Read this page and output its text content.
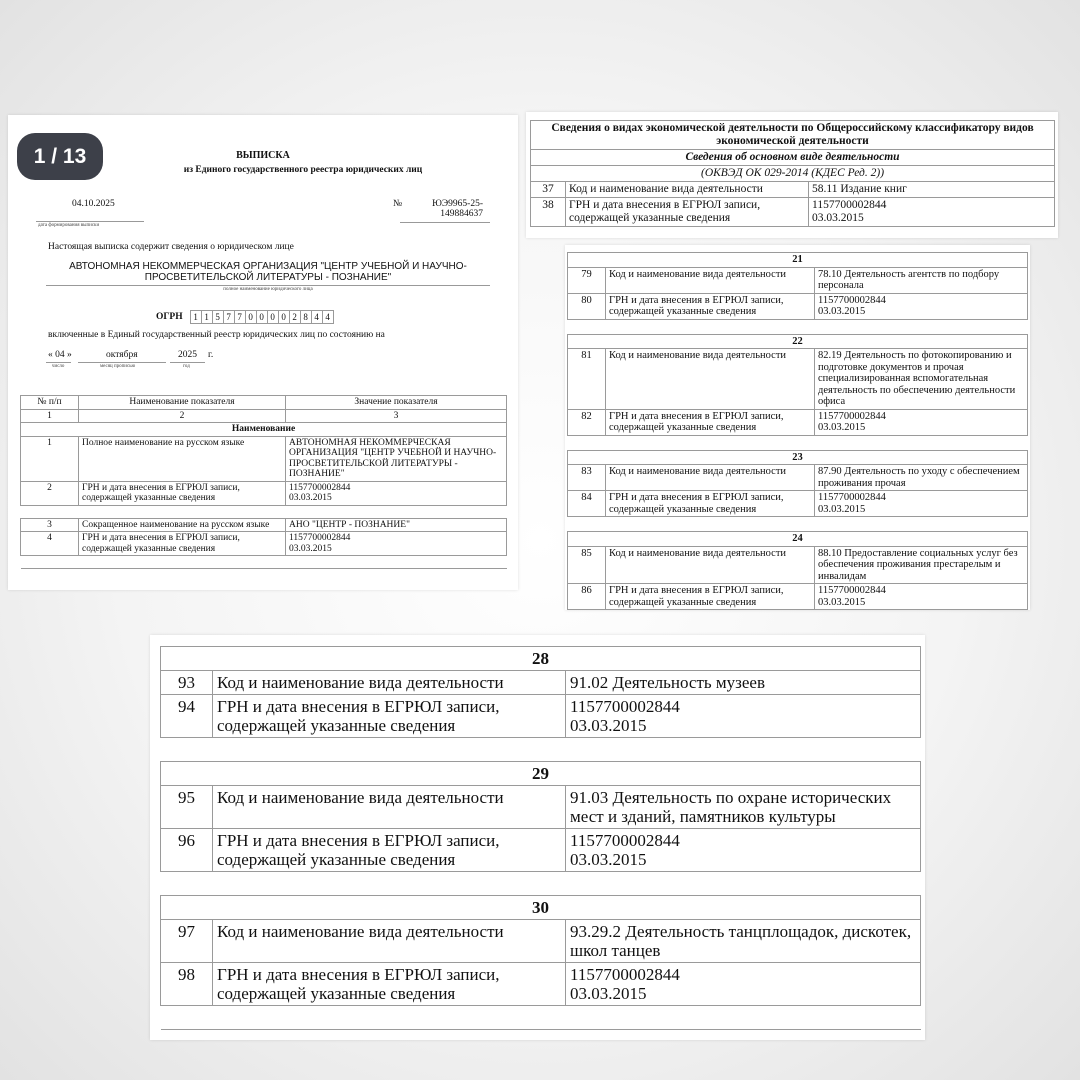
1 / 13	ВЫПИСКА
из Единого государственного реестра юридических лиц
04.10.2025
дата формирования выписки
№	ЮЭ9965-25-149884637
Настоящая выписка содержит сведения о юридическом лице
АВТОНОМНАЯ НЕКОММЕРЧЕСКАЯ ОРГАНИЗАЦИЯ "ЦЕНТР УЧЕБНОЙ И НАУЧНО-ПРОСВЕТИТЕЛЬСКОЙ ЛИТЕРАТУРЫ - ПОЗНАНИЕ"
полное наименование юридического лица
ОГРН	1 1 5 7 7 0 0 0 0 2 8 4 4
включенные в Единый государственный реестр юридических лиц по состоянию на
« 04 »	октября	2025 г.
число	месяц прописью	год
№ п/п	Наименование показателя	Значение показателя
1	2	3
Наименование		
1	Полное наименование на русском языке	АВТОНОМНАЯ НЕКОММЕРЧЕСКАЯ ОРГАНИЗАЦИЯ "ЦЕНТР УЧЕБНОЙ И НАУЧНО-ПРОСВЕТИТЕЛЬСКОЙ ЛИТЕРАТУРЫ - ПОЗНАНИЕ"
2	ГРН и дата внесения в ЕГРЮЛ записи, содержащей указанные сведения	1157700002844
03.03.2015

3	Сокращенное наименование на русском языке	АНО "ЦЕНТР - ПОЗНАНИЕ"
4	ГРН и дата внесения в ЕГРЮЛ записи, содержащей указанные сведения	1157700002844
03.03.2015

Сведения о видах экономической деятельности по Общероссийскому классификатору видов экономической деятельности		
Сведения об основном виде деятельности		
(ОКВЭД ОК 029-2014 (КДЕС Ред. 2))		
37	Код и наименование вида деятельности	58.11 Издание книг
38	ГРН и дата внесения в ЕГРЮЛ записи, содержащей указанные сведения	1157700002844
03.03.2015

21		
79	Код и наименование вида деятельности	78.10 Деятельность агентств по подбору персонала
80	ГРН и дата внесения в ЕГРЮЛ записи, содержащей указанные сведения	1157700002844
03.03.2015

22		
81	Код и наименование вида деятельности	82.19 Деятельность по фотокопированию и подготовке документов и прочая специализированная вспомогательная деятельность по обеспечению деятельности офиса
82	ГРН и дата внесения в ЕГРЮЛ записи, содержащей указанные сведения	1157700002844
03.03.2015

23		
83	Код и наименование вида деятельности	87.90 Деятельность по уходу с обеспечением проживания прочая
84	ГРН и дата внесения в ЕГРЮЛ записи, содержащей указанные сведения	1157700002844
03.03.2015

24		
85	Код и наименование вида деятельности	88.10 Предоставление социальных услуг без обеспечения проживания престарелым и инвалидам
86	ГРН и дата внесения в ЕГРЮЛ записи, содержащей указанные сведения	1157700002844
03.03.2015
28		
93	Код и наименование вида деятельности	91.02 Деятельность музеев
94	ГРН и дата внесения в ЕГРЮЛ записи, содержащей указанные сведения	1157700002844
03.03.2015

29		
95	Код и наименование вида деятельности	91.03 Деятельность по охране исторических мест и зданий, памятников культуры
96	ГРН и дата внесения в ЕГРЮЛ записи, содержащей указанные сведения	1157700002844
03.03.2015

30		
97	Код и наименование вида деятельности	93.29.2 Деятельность танцплощадок, дискотек, школ танцев
98	ГРН и дата внесения в ЕГРЮЛ записи, содержащей указанные сведения	1157700002844
03.03.2015
